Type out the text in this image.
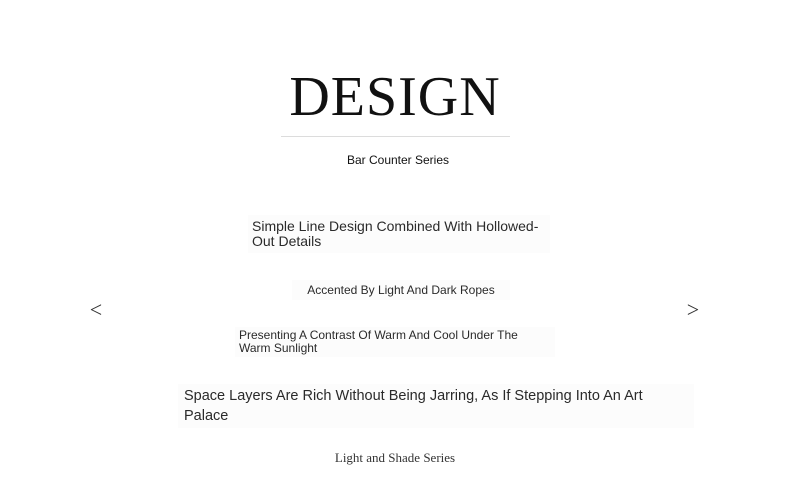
DESIGN
Bar Counter Series
<	>
Simple Line Design Combined With Hollowed-Out Details
Accented By Light And Dark Ropes
Presenting A Contrast Of Warm And Cool Under The Warm Sunlight
Space Layers Are Rich Without Being Jarring, As If Stepping Into An Art Palace
Light and Shade Series
